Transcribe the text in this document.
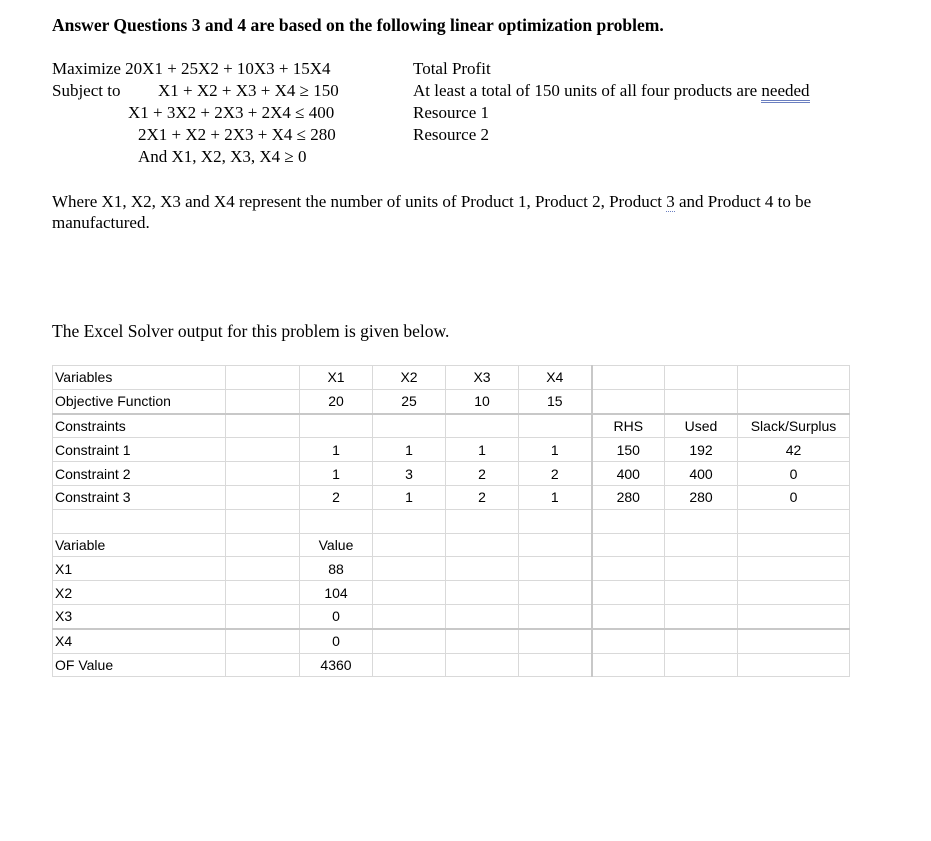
Answer Questions 3 and 4 are based on the following linear optimization problem.
Maximize 20X1 + 25X2 + 10X3 + 15X4	Total Profit
Subject to X1 + X2 + X3 + X4 ≥ 150	At least a total of 150 units of all four products are needed
X1 + 3X2 + 2X3 + 2X4 ≤ 400	Resource 1
2X1 + X2 + 2X3 + X4 ≤ 280	Resource 2
And X1, X2, X3, X4 ≥ 0
Where X1, X2, X3 and X4 represent the number of units of Product 1, Product 2, Product 3 and Product 4 to be manufactured.
The Excel Solver output for this problem is given below.
Variables		X1	X2	X3	X4			
Objective Function		20	25	10	15			
Constraints						RHS	Used	Slack/Surplus
Constraint 1		1	1	1	1	150	192	42
Constraint 2		1	3	2	2	400	400	0
Constraint 3		2	1	2	1	280	280	0

Variable		Value						
X1		88						
X2		104						
X3		0						
X4		0						
OF Value		4360						
